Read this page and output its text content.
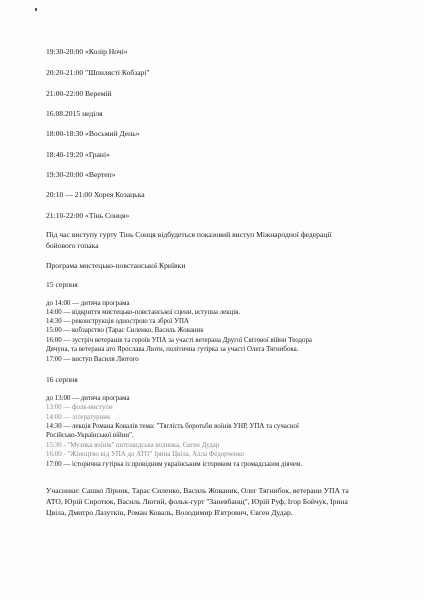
19:30-20:00 «Колір Ночі»
20:20-21:00 "Шпилясті Кобзарі"
21:00-22:00 Веремій
16.08.2015 неділя
18:00-18:30 «Восьмий День»
18:40-19:20 «Грані»
19:30-20:00 «Вертеп»
20:10 — 21:00 Хорея Козацька
21:10-22:00 «Тінь Сонця»
Під час виступу гурту Тінь Сонця відбудеться показовий виступ Міжнародної федерації
бойового гопака
Програма мистецько-повстанської Криївки
15 серпня
до 14:00 — дитяча програма
14:00 — відкриття мистецько-повстанської сцени, вступна лекція.
14:30 — реконструкція однострою та зброї УПА
15:00 — кобзарство (Тарас Силенко, Василь Жованик
16:00 — зустріч ветеранів та героїв УПА за участі ветерана Другої Світової війни Теодора
Дячуна, та ветерана ато Ярослава Люти, політична гутірка за участі Олега Тягнибока.
17:00 — виступ Василя Лютого
16 серпня
до 13:00 — дитяча програма
13:00 — фолк-виступи
14:00 — літературник
14:30 — лекція Романа Ковалів тема: "Тяглість боротьби воїнів УНР, УПА та сучасної
Російсько-Української війни".
15:30 - "Музика воїнів" шотландська волинка, Євген Дудар
16:00 - "Жіноцтво від УПА до АТО" Ірина Цвіла, Алла Федорченко
17:00 — історична гутірка із провідним українським істориком та громадським діячем.
Учасники: Сашко Лірник, Тарас Силенко, Василь Жованик, Олег Тягнибок, ветерани УПА та
АТО, Юрій Сиротюк, Василь Лютий, фольк-гурт "Заневбанщ", Юрій Руф, Ігор Бойчук, Ірина
Цвіла, Дмитро Лазуткін, Роман Коваль, Володимир В'ятрович, Євген Дудар.
